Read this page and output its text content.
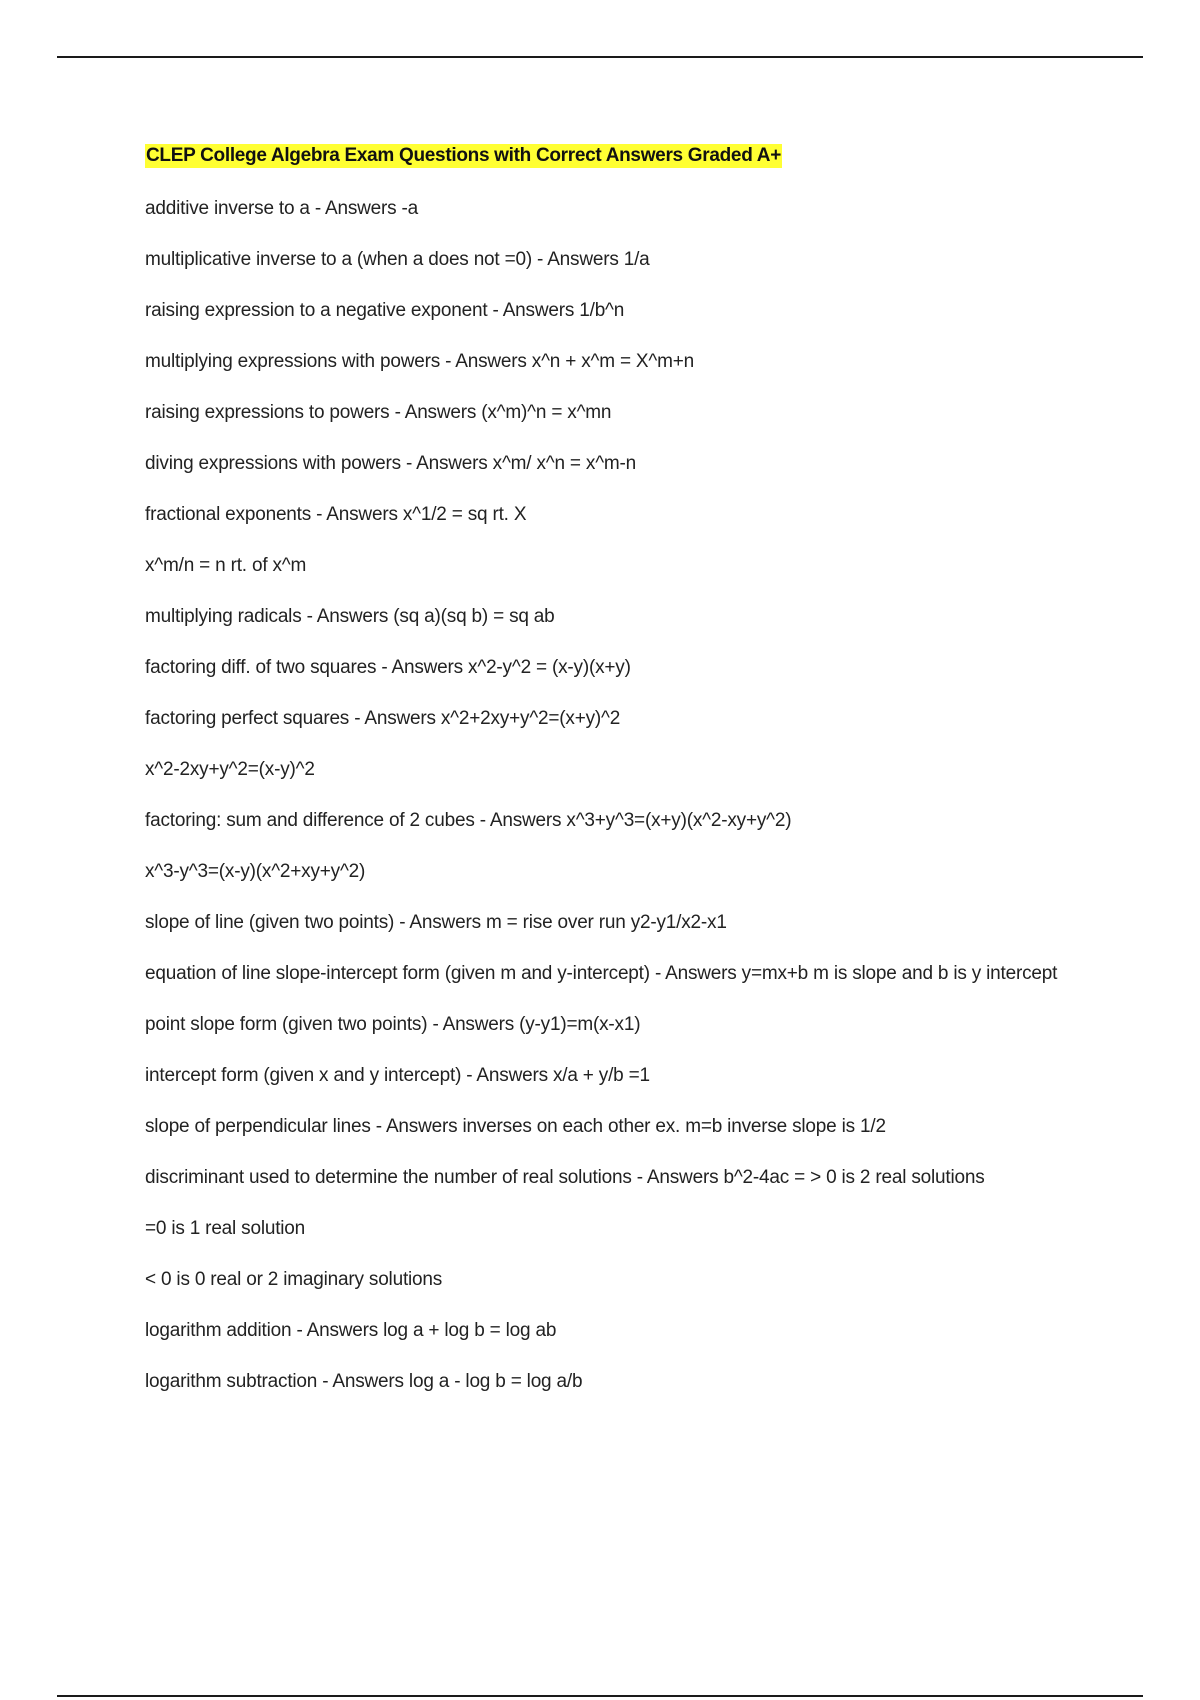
CLEP College Algebra Exam Questions with Correct Answers Graded A+
additive inverse to a - Answers -a
multiplicative inverse to a (when a does not =0) - Answers 1/a
raising expression to a negative exponent - Answers 1/b^n
multiplying expressions with powers - Answers x^n + x^m = X^m+n
raising expressions to powers - Answers (x^m)^n = x^mn
diving expressions with powers - Answers x^m/ x^n = x^m-n
fractional exponents - Answers x^1/2 = sq rt. X
x^m/n = n rt. of x^m
multiplying radicals - Answers (sq a)(sq b) = sq ab
factoring diff. of two squares - Answers x^2-y^2 = (x-y)(x+y)
factoring perfect squares - Answers x^2+2xy+y^2=(x+y)^2
x^2-2xy+y^2=(x-y)^2
factoring: sum and difference of 2 cubes - Answers x^3+y^3=(x+y)(x^2-xy+y^2)
x^3-y^3=(x-y)(x^2+xy+y^2)
slope of line (given two points) - Answers m = rise over run y2-y1/x2-x1
equation of line slope-intercept form (given m and y-intercept) - Answers y=mx+b m is slope and b is y intercept
point slope form (given two points) - Answers (y-y1)=m(x-x1)
intercept form (given x and y intercept) - Answers x/a + y/b =1
slope of perpendicular lines - Answers inverses on each other ex. m=b inverse slope is 1/2
discriminant used to determine the number of real solutions - Answers b^2-4ac = > 0 is 2 real solutions
=0 is 1 real solution
< 0 is 0 real or 2 imaginary solutions
logarithm addition - Answers log a + log b = log ab
logarithm subtraction - Answers log a - log b = log a/b
